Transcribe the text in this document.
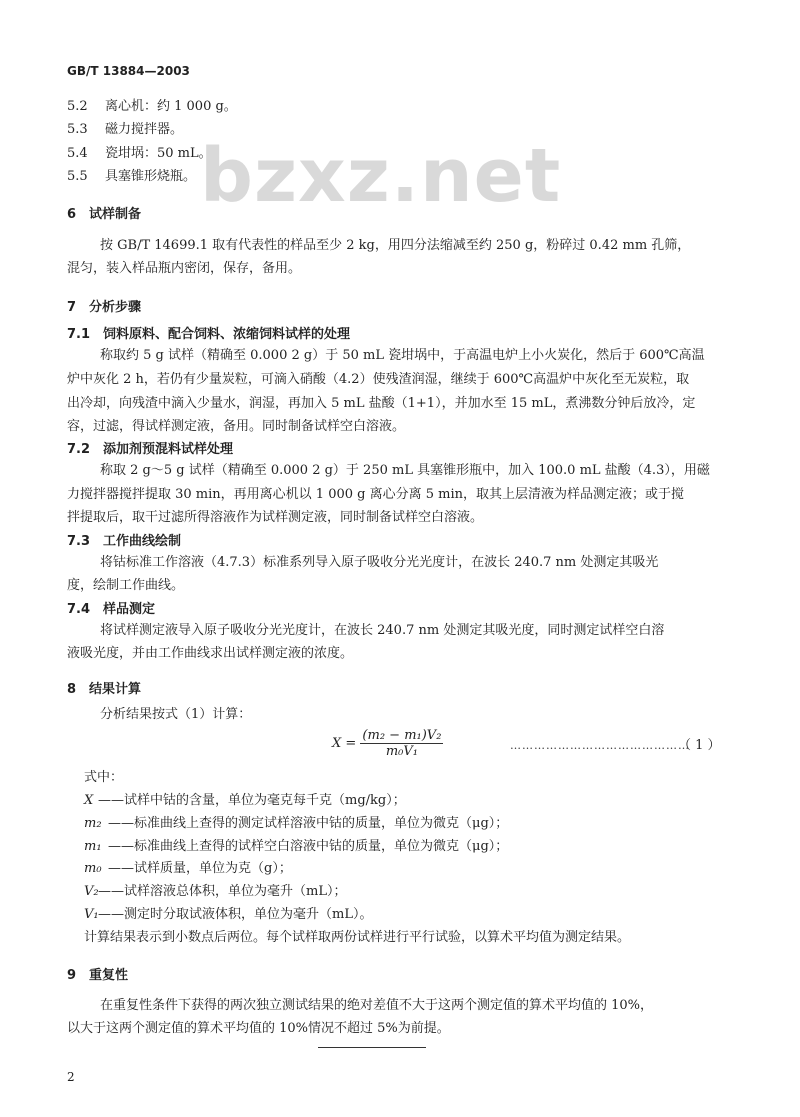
GB/T 13884—2003
bzxz.net
5.2 离心机：约 1 000 g。
5.3 磁力搅拌器。
5.4 瓷坩埚：50 mL。
5.5 具塞锥形烧瓶。
6　试样制备
按 GB/T 14699.1 取有代表性的样品至少 2 kg，用四分法缩减至约 250 g，粉碎过 0.42 mm 孔筛，
混匀，装入样品瓶内密闭，保存，备用。
7　分析步骤
7.1　饲料原料、配合饲料、浓缩饲料试样的处理
称取约 5 g 试样（精确至 0.000 2 g）于 50 mL 瓷坩埚中，于高温电炉上小火炭化，然后于 600℃高温
炉中灰化 2 h，若仍有少量炭粒，可滴入硝酸（4.2）使残渣润湿，继续于 600℃高温炉中灰化至无炭粒，取
出冷却，向残渣中滴入少量水，润湿，再加入 5 mL 盐酸（1+1），并加水至 15 mL，煮沸数分钟后放冷，定
容，过滤，得试样测定液，备用。同时制备试样空白溶液。
7.2　添加剂预混料试样处理
称取 2 g～5 g 试样（精确至 0.000 2 g）于 250 mL 具塞锥形瓶中，加入 100.0 mL 盐酸（4.3），用磁
力搅拌器搅拌提取 30 min，再用离心机以 1 000 g 离心分离 5 min，取其上层清液为样品测定液；或于搅
拌提取后，取干过滤所得溶液作为试样测定液，同时制备试样空白溶液。
7.3　工作曲线绘制
将钴标准工作溶液（4.7.3）标准系列导入原子吸收分光光度计，在波长 240.7 nm 处测定其吸光
度，绘制工作曲线。
7.4　样品测定
将试样测定液导入原子吸收分光光度计，在波长 240.7 nm 处测定其吸光度，同时测定试样空白溶
液吸光度，并由工作曲线求出试样测定液的浓度。
8　结果计算
分析结果按式（1）计算：
$X = \frac{\text{(m₂ − m₁)V₂}}{\text{m₀V₁}}$	………………………………………
（ 1 ）
式中：
X ——试样中钴的含量，单位为毫克每千克（mg/kg）；
m₂ ——标准曲线上查得的测定试样溶液中钴的质量，单位为微克（μg）；
m₁ ——标准曲线上查得的试样空白溶液中钴的质量，单位为微克（μg）；
m₀ ——试样质量，单位为克（g）；
V₂——试样溶液总体积，单位为毫升（mL）；
V₁——测定时分取试液体积，单位为毫升（mL）。
计算结果表示到小数点后两位。每个试样取两份试样进行平行试验，以算术平均值为测定结果。
9　重复性
在重复性条件下获得的两次独立测试结果的绝对差值不大于这两个测定值的算术平均值的 10%，
以大于这两个测定值的算术平均值的 10%情况不超过 5%为前提。
2
